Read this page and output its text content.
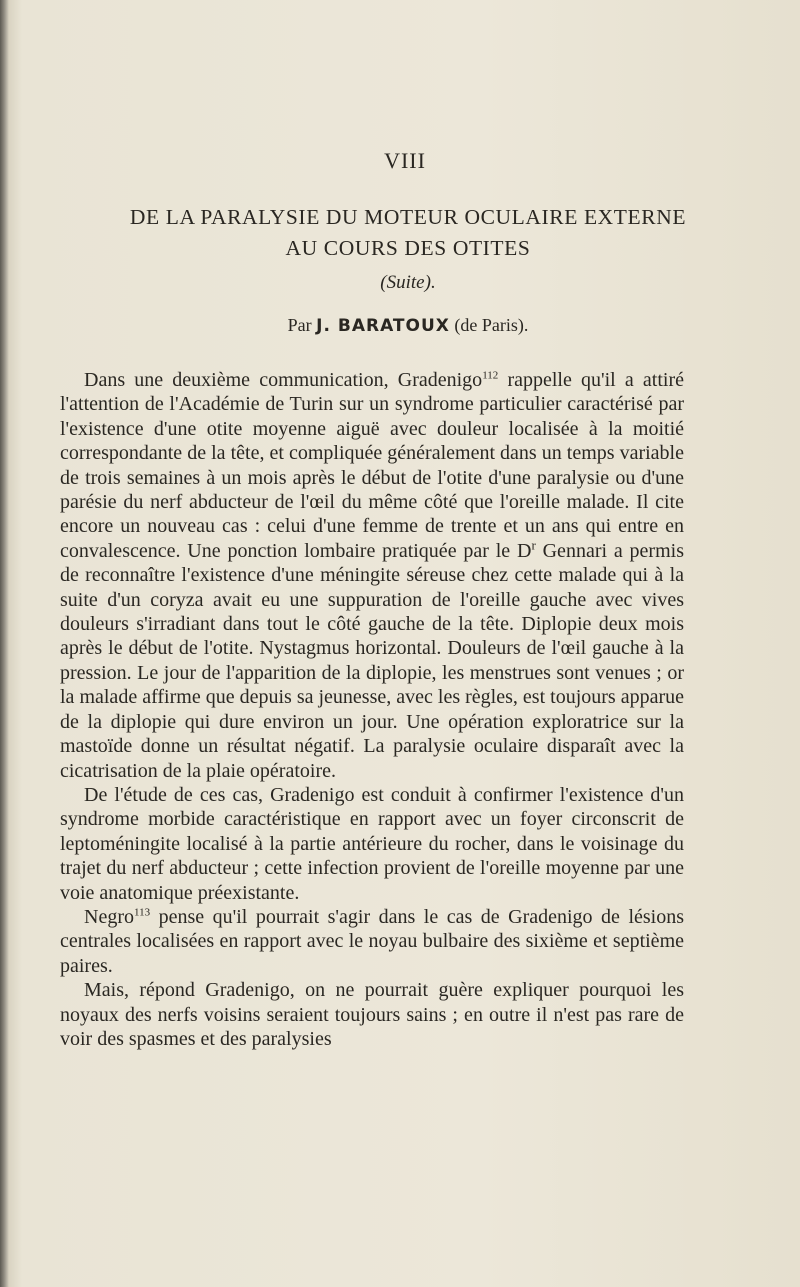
VIII
DE LA PARALYSIE DU MOTEUR OCULAIRE EXTERNE
AU COURS DES OTITES
(Suite).
Par J. BARATOUX (de Paris).

Dans une deuxième communication, Gradenigo$^{112}$ rappelle qu'il a attiré l'attention de l'Académie de Turin sur un syndrome particulier caractérisé par l'existence d'une otite moyenne aiguë avec douleur localisée à la moitié correspondante de la tête, et compliquée généralement dans un temps variable de trois semaines à un mois après le début de l'otite d'une paralysie ou d'une parésie du nerf abducteur de l'œil du même côté que l'oreille malade. Il cite encore un nouveau cas : celui d'une femme de trente et un ans qui entre en convalescence. Une ponction lombaire pratiquée par le $D^r$ Gennari a permis de reconnaître l'existence d'une méningite séreuse chez cette malade qui à la suite d'un coryza avait eu une suppuration de l'oreille gauche avec vives douleurs s'irradiant dans tout le côté gauche de la tête. Diplopie deux mois après le début de l'otite. Nystagmus horizontal. Douleurs de l'œil gauche à la pression. Le jour de l'apparition de la diplopie, les menstrues sont venues ; or la malade affirme que depuis sa jeunesse, avec les règles, est toujours apparue de la diplopie qui dure environ un jour. Une opération exploratrice sur la mastoïde donne un résultat négatif. La paralysie oculaire disparaît avec la cicatrisation de la plaie opératoire.

De l'étude de ces cas, Gradenigo est conduit à confirmer l'existence d'un syndrome morbide caractéristique en rapport avec un foyer circonscrit de leptoméningite localisé à la partie antérieure du rocher, dans le voisinage du trajet du nerf abducteur ; cette infection provient de l'oreille moyenne par une voie anatomique préexistante.

Negro$^{113}$ pense qu'il pourrait s'agir dans le cas de Gradenigo de lésions centrales localisées en rapport avec le noyau bulbaire des sixième et septième paires.

Mais, répond Gradenigo, on ne pourrait guère expliquer pourquoi les noyaux des nerfs voisins seraient toujours sains ; en outre il n'est pas rare de voir des spasmes et des paralysies
